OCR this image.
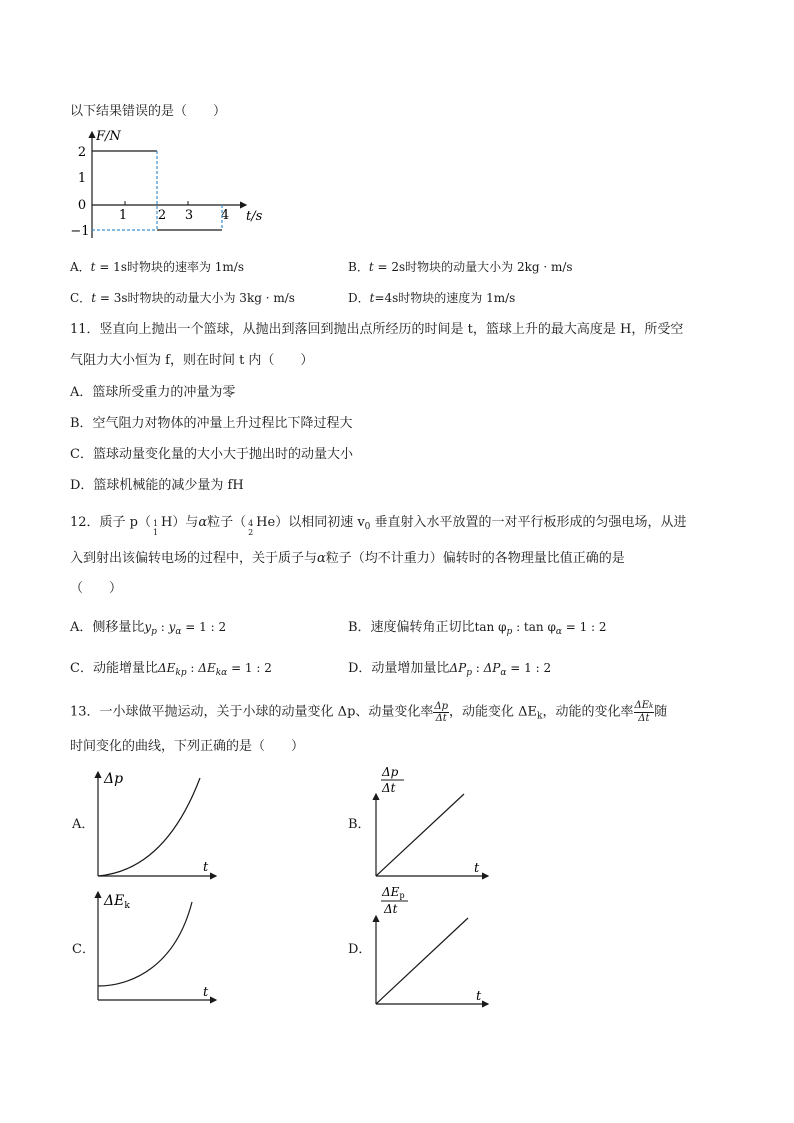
以下结果错误的是（　　）
F/N
t/s
2
1
0
−1
1 2 3 4
A．t = 1s时物块的速率为 1m/s	B．t = 2s时物块的动量大小为 2kg · m/s
C．t = 3s时物块的动量大小为 3kg · m/s	D．t=4s时物块的速度为 1m/s
11．竖直向上抛出一个篮球，从抛出到落回到抛出点所经历的时间是 t，篮球上升的最大高度是 H，所受空
气阻力大小恒为 f，则在时间 t 内（　　）
A．篮球所受重力的冲量为零
B．空气阻力对物体的冲量上升过程比下降过程大
C．篮球动量变化量的大小大于抛出时的动量大小
D．篮球机械能的减少量为 fH
12．质子 p（ 1
1
H）与α粒子（ 4
2
He）以相同初速 $v_0$ 垂直射入水平放置的一对平行板形成的匀强电场，从进
入到射出该偏转电场的过程中，关于质子与α粒子（均不计重力）偏转时的各物理量比值正确的是
（　　）
A．侧移量比$y_p$ : $y_\alpha = 1$ : 2	B．速度偏转角正切比$\tan \varphi_p$ : $\tan \varphi_\alpha = 1$ : 2
C．动能增量比$\Delta E_{kp}$ : $\Delta E_{k\alpha} = 1$ : 2	D．动量增加量比$\Delta P_p$ : $\Delta P_\alpha = 1$ : 2
13．一小球做平抛运动，关于小球的动量变化 Δp、动量变化率 $\frac{\Delta p}{\Delta t}$ ，动能变化 $\Delta E_k$，动能的变化率 $\frac{\text{ΔEk}}{\Delta t}$ 随
时间变化的曲线，下列正确的是（　　）
A．
Δp
t
B．
Δp
Δt
t
C．
$\Delta E_k$
t
D．
ΔEp
Δt
t
